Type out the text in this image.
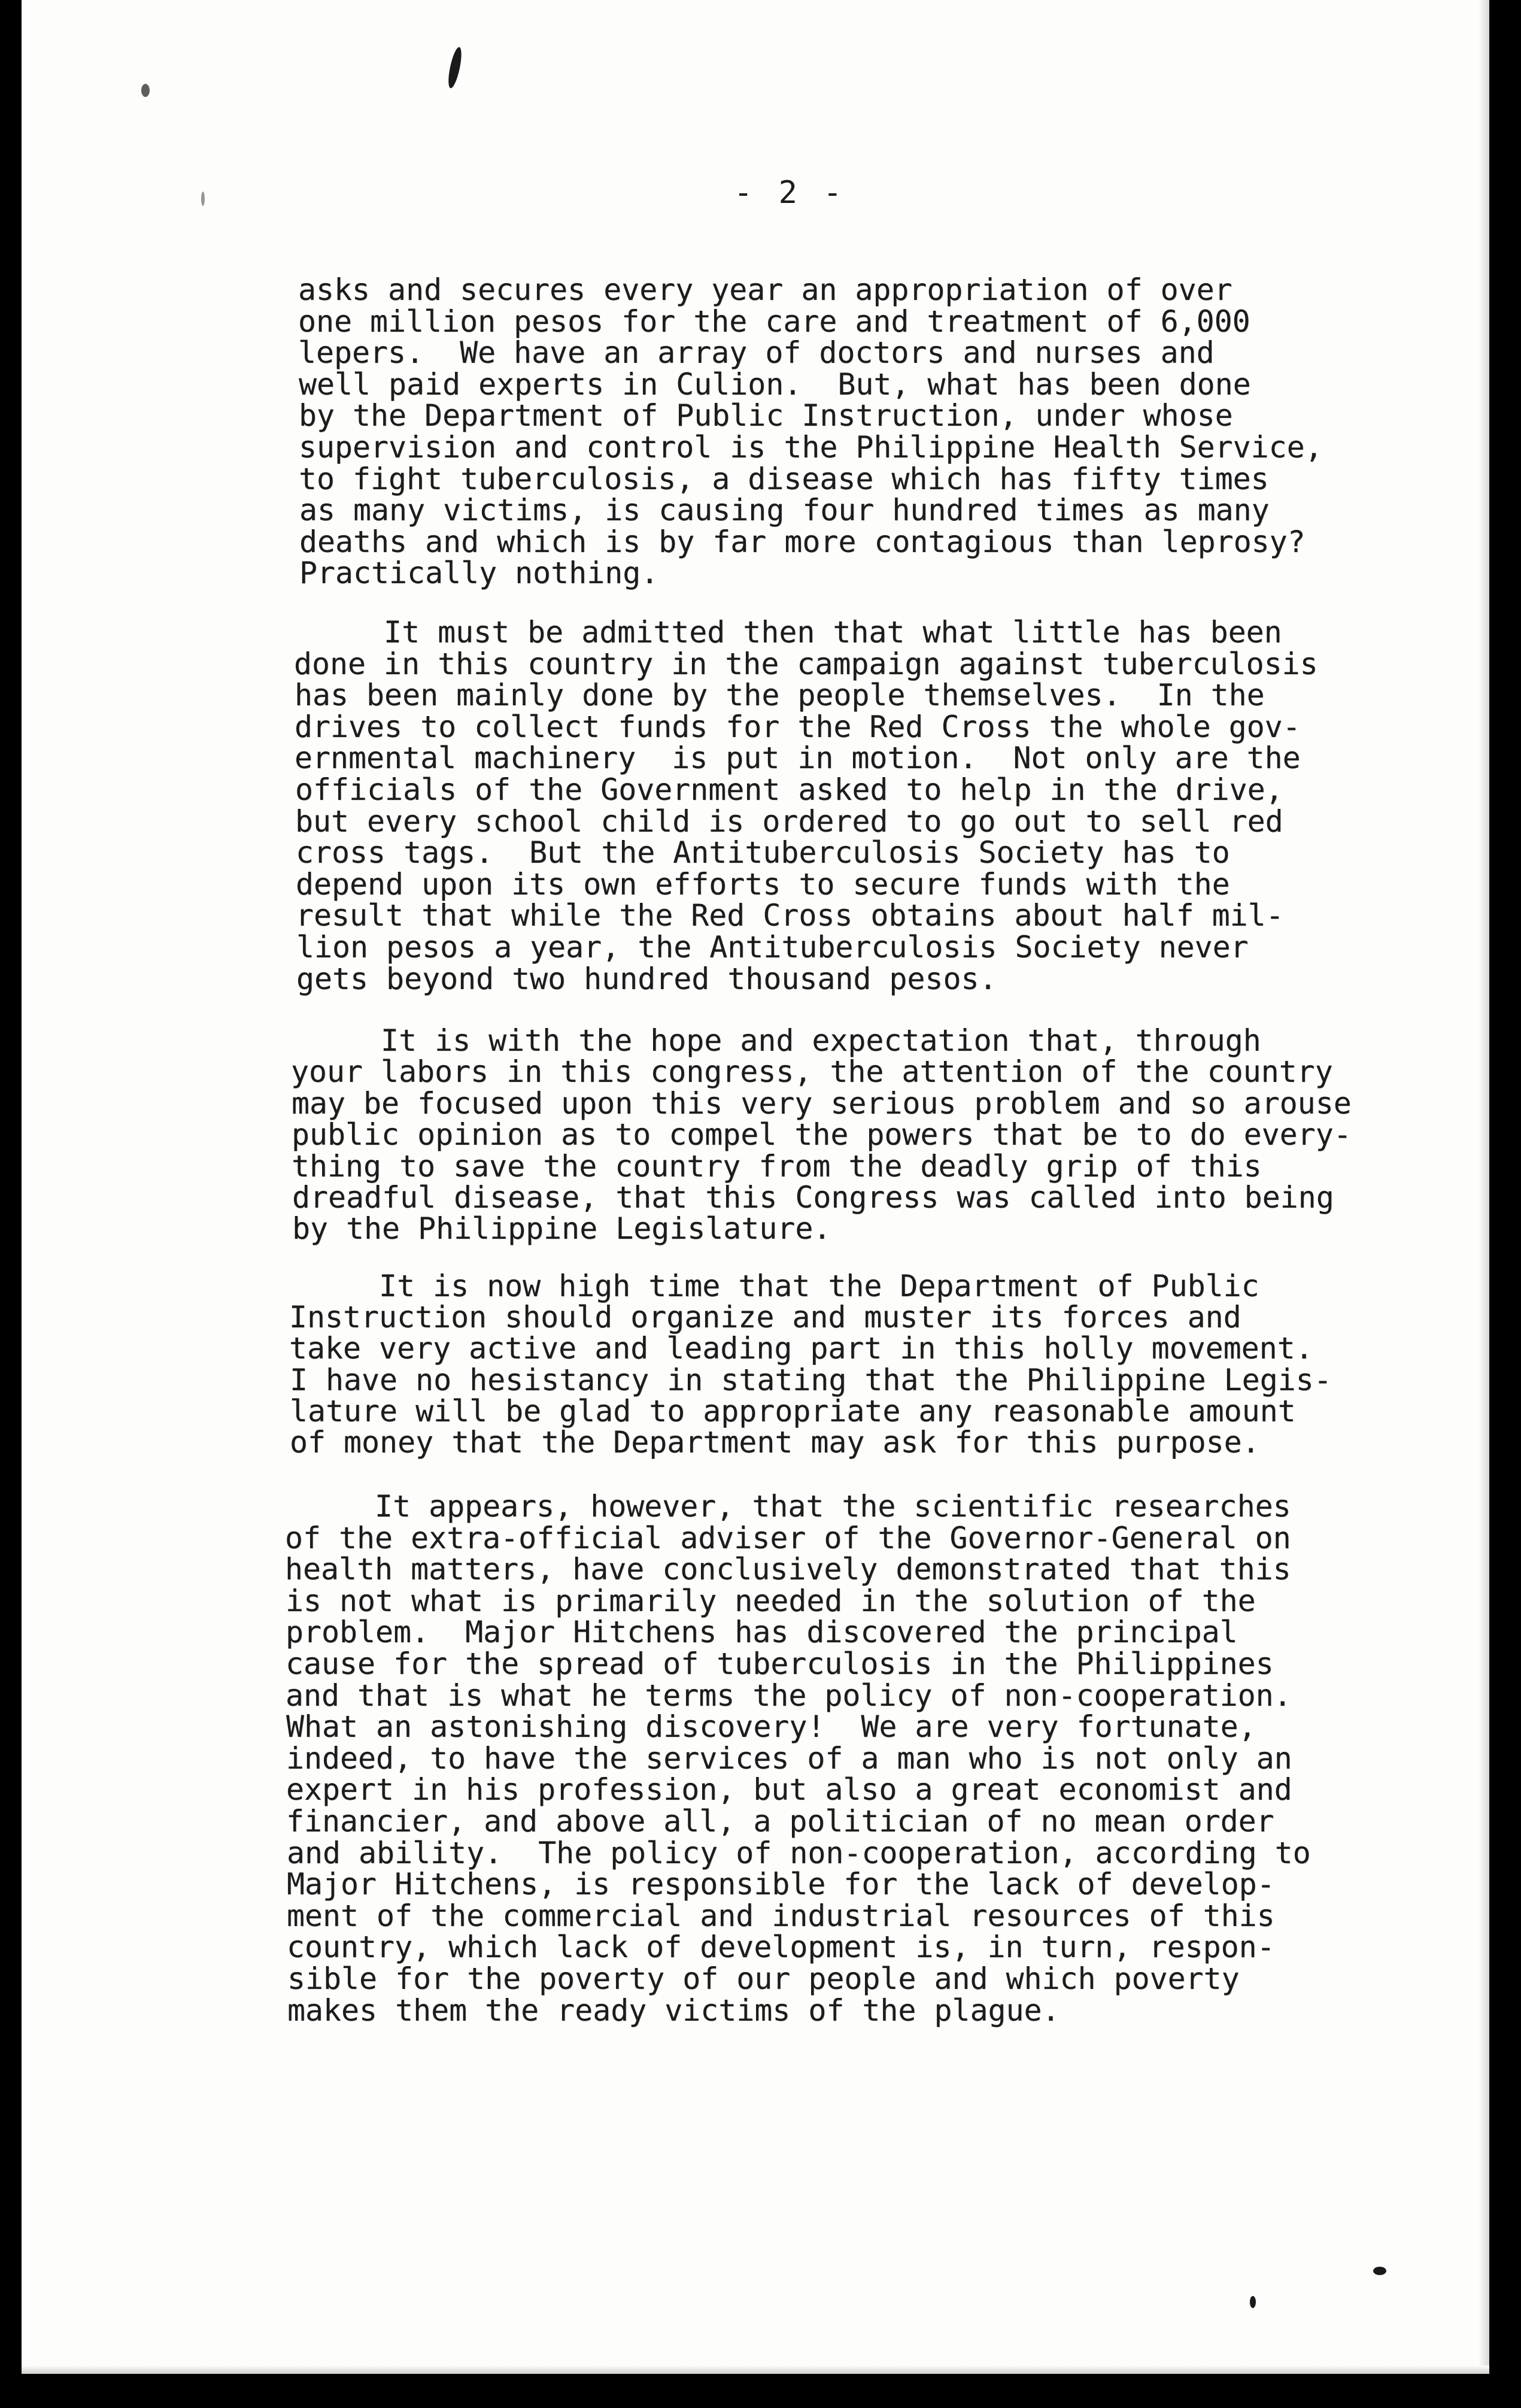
- 2 -
asks and secures every year an appropriation of over
one million pesos for the care and treatment of 6,000
lepers.  We have an array of doctors and nurses and
well paid experts in Culion.  But, what has been done
by the Department of Public Instruction, under whose
supervision and control is the Philippine Health Service,
to fight tuberculosis, a disease which has fifty times
as many victims, is causing four hundred times as many
deaths and which is by far more contagious than leprosy?
Practically nothing.
It must be admitted then that what little has been
done in this country in the campaign against tuberculosis
has been mainly done by the people themselves.  In the
drives to collect funds for the Red Cross the whole gov-
ernmental machinery  is put in motion.  Not only are the
officials of the Government asked to help in the drive,
but every school child is ordered to go out to sell red
cross tags.  But the Antituberculosis Society has to
depend upon its own efforts to secure funds with the
result that while the Red Cross obtains about half mil-
lion pesos a year, the Antituberculosis Society never
gets beyond two hundred thousand pesos.
It is with the hope and expectation that, through
your labors in this congress, the attention of the country
may be focused upon this very serious problem and so arouse
public opinion as to compel the powers that be to do every-
thing to save the country from the deadly grip of this
dreadful disease, that this Congress was called into being
by the Philippine Legislature.
It is now high time that the Department of Public
Instruction should organize and muster its forces and
take very active and leading part in this holly movement.
I have no hesistancy in stating that the Philippine Legis-
lature will be glad to appropriate any reasonable amount
of money that the Department may ask for this purpose.
It appears, however, that the scientific researches
of the extra-official adviser of the Governor-General on
health matters, have conclusively demonstrated that this
is not what is primarily needed in the solution of the
problem.  Major Hitchens has discovered the principal
cause for the spread of tuberculosis in the Philippines
and that is what he terms the policy of non-cooperation.
What an astonishing discovery!  We are very fortunate,
indeed, to have the services of a man who is not only an
expert in his profession, but also a great economist and
financier, and above all, a politician of no mean order
and ability.  The policy of non-cooperation, according to
Major Hitchens, is responsible for the lack of develop-
ment of the commercial and industrial resources of this
country, which lack of development is, in turn, respon-
sible for the poverty of our people and which poverty
makes them the ready victims of the plague.
